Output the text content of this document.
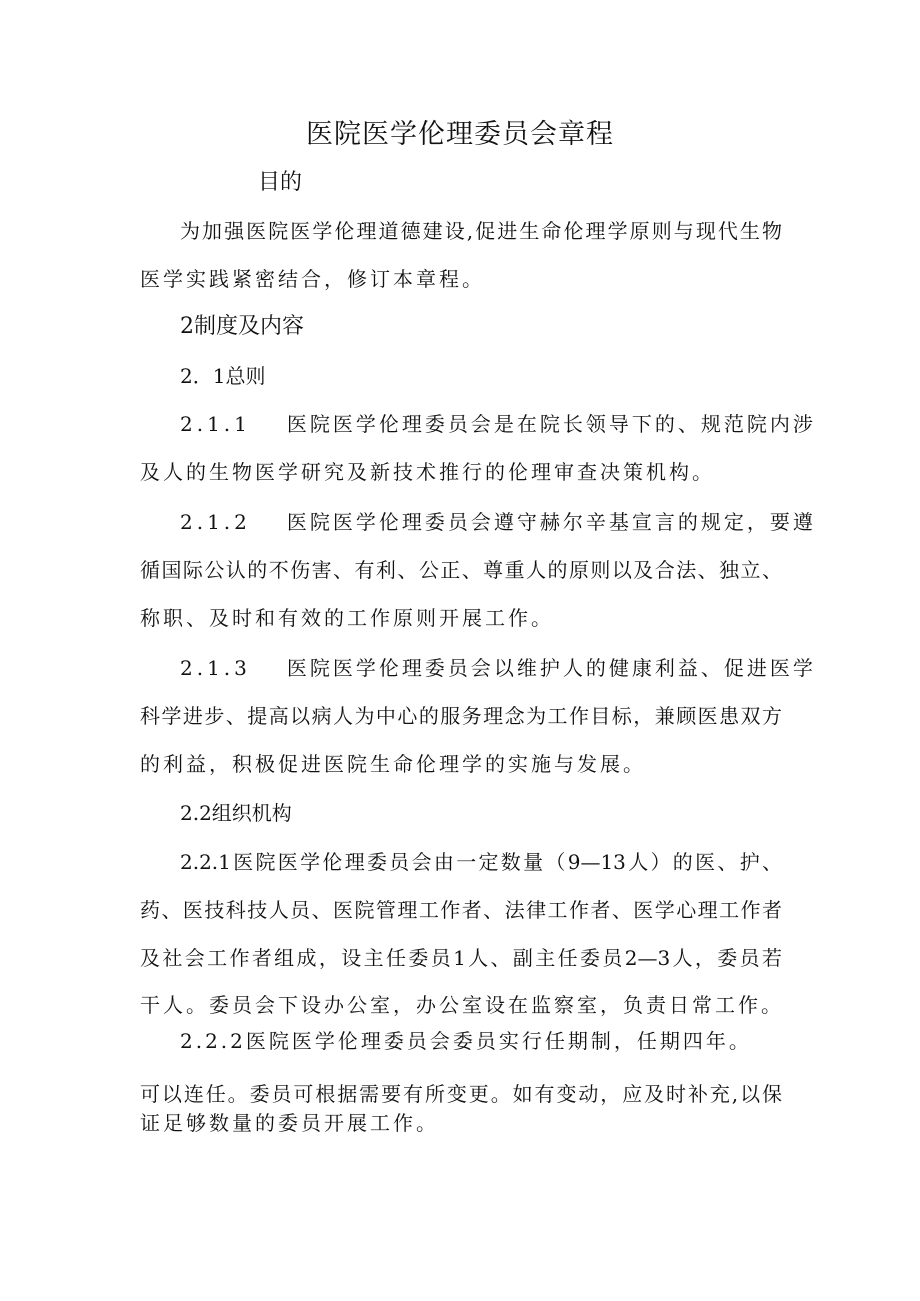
医院医学伦理委员会章程

目的

为加强医院医学伦理道德建设,促进生命伦理学原则与现代生物

医学实践紧密结合，修订本章程。

2制度及内容

2．1总则

2.1.1 医院医学伦理委员会是在院长领导下的、规范院内涉

及人的生物医学研究及新技术推行的伦理审查决策机构。

2.1.2 医院医学伦理委员会遵守赫尔辛基宣言的规定，要遵

循国际公认的不伤害、有利、公正、尊重人的原则以及合法、独立、

称职、及时和有效的工作原则开展工作。

2.1.3 医院医学伦理委员会以维护人的健康利益、促进医学

科学进步、提高以病人为中心的服务理念为工作目标，兼顾医患双方

的利益，积极促进医院生命伦理学的实施与发展。

2.2组织机构

2.2.1医院医学伦理委员会由一定数量（9—13人）的医、护、

药、医技科技人员、医院管理工作者、法律工作者、医学心理工作者

及社会工作者组成，设主任委员1人、副主任委员2—3人，委员若

干人。委员会下设办公室，办公室设在监察室，负责日常工作。

2.2.2医院医学伦理委员会委员实行任期制，任期四年。

可以连任。委员可根据需要有所变更。如有变动，应及时补充,以保

证足够数量的委员开展工作。
